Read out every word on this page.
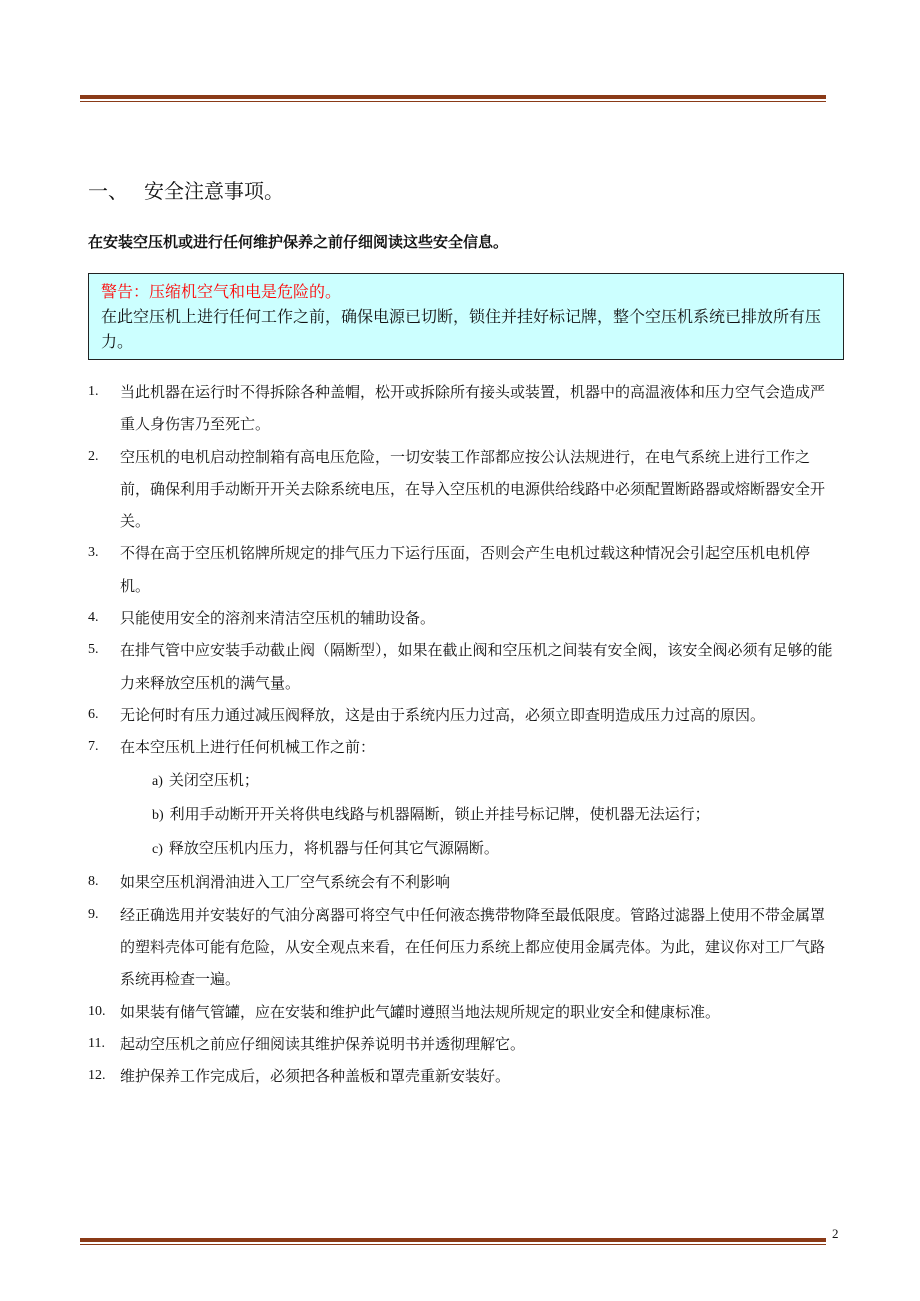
一、 安全注意事项。
在安装空压机或进行任何维护保养之前仔细阅读这些安全信息。
警告：压缩机空气和电是危险的。
在此空压机上进行任何工作之前，确保电源已切断，锁住并挂好标记牌，整个空压机系统已排放所有压力。
1. 当此机器在运行时不得拆除各种盖帽，松开或拆除所有接头或装置，机器中的高温液体和压力空气会造成严重人身伤害乃至死亡。
2. 空压机的电机启动控制箱有高电压危险，一切安装工作部都应按公认法规进行，在电气系统上进行工作之前，确保利用手动断开开关去除系统电压，在导入空压机的电源供给线路中必须配置断路器或熔断器安全开关。
3. 不得在高于空压机铭牌所规定的排气压力下运行压面，否则会产生电机过载这种情况会引起空压机电机停机。
4. 只能使用安全的溶剂来清洁空压机的辅助设备。
5. 在排气管中应安装手动截止阀（隔断型），如果在截止阀和空压机之间装有安全阀，该安全阀必须有足够的能力来释放空压机的满气量。
6. 无论何时有压力通过减压阀释放，这是由于系统内压力过高，必须立即查明造成压力过高的原因。
7. 在本空压机上进行任何机械工作之前：
a) 关闭空压机；
b) 利用手动断开开关将供电线路与机器隔断，锁止并挂号标记牌，使机器无法运行；
c) 释放空压机内压力，将机器与任何其它气源隔断。
8. 如果空压机润滑油进入工厂空气系统会有不利影响
9. 经正确选用并安装好的气油分离器可将空气中任何液态携带物降至最低限度。管路过滤器上使用不带金属罩的塑料壳体可能有危险，从安全观点来看，在任何压力系统上都应使用金属壳体。为此，建议你对工厂气路系统再检查一遍。
10. 如果装有储气管罐，应在安装和维护此气罐时遵照当地法规所规定的职业安全和健康标准。
11. 起动空压机之前应仔细阅读其维护保养说明书并透彻理解它。
12. 维护保养工作完成后，必须把各种盖板和罩壳重新安装好。
2
